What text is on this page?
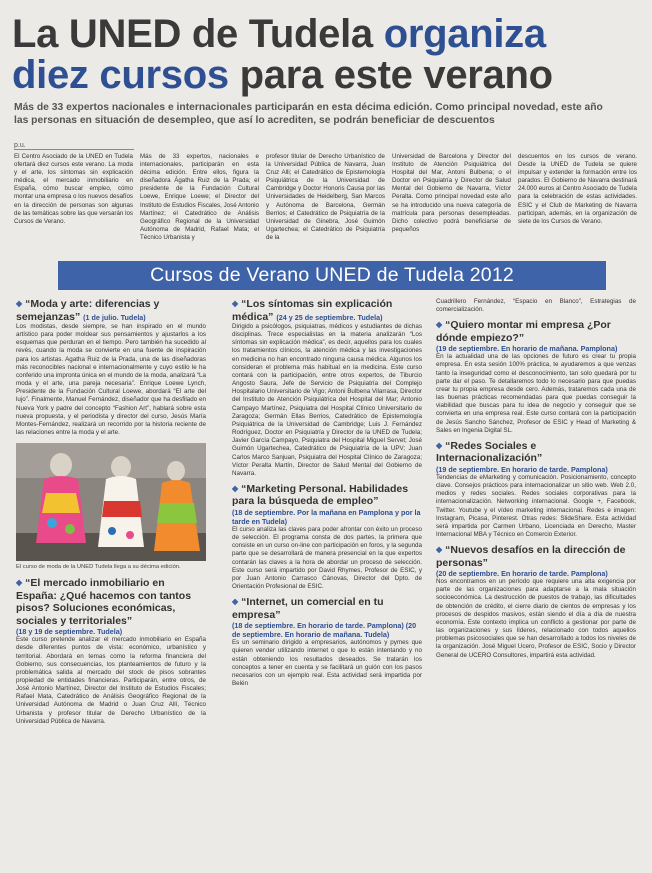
La UNED de Tudela organiza
diez cursos para este verano

Más de 33 expertos nacionales e internacionales participarán en esta décima edición. Como principal novedad, este año las personas en situación de desempleo, que así lo acrediten, se podrán beneficiar de descuentos

p.u.

El Centro Asociado de la UNED en Tudela ofertará diez cursos este verano. La moda y el arte, los síntomas sin explicación médica, el mercado inmobiliario en España, cómo buscar empleo, cómo montar una empresa o los nuevos desafíos en la dirección de personas son algunas de las temáticas sobre las que versarán los Cursos de Verano.

Más de 33 expertos, nacionales e internacionales, participarán en esta décima edición. Entre ellos, figura la diseñadora Ágatha Ruiz de la Prada; el presidente de la Fundación Cultural Loewe, Enrique Loewe; el Director del Instituto de Estudios Fiscales, José Antonio Martínez; el Catedrático de Análisis Geográfico Regional de la Universidad Autónoma de Madrid, Rafael Mata; el Técnico Urbanista y

profesor titular de Derecho Urbanístico de la Universidad Pública de Navarra, Juan Cruz Alli; el Catedrático de Epistemología Psiquiátrica de la Universidad de Cambridge y Doctor Honoris Causa por las Universidades de Heidelberg, San Marcos y Autónoma de Barcelona, Germán Berrios; el Catedrático de Psiquiatría de la Universidad de Ginebra, José Guimón Ugartechea; el Catedrático de Psiquiatría de la

Universidad de Barcelona y Director del Instituto de Atención Psiquiátrica del Hospital del Mar, Antoni Bulbena; o el Doctor en Psiquiatría y Director de Salud Mental del Gobierno de Navarra, Víctor Peralta. Como principal novedad este año se ha introducido una nueva categoría de matrícula para personas desempleadas. Dicho colectivo podrá beneficiarse de pequeños

descuentos en los cursos de verano. Desde la UNED de Tudela se quiere impulsar y extender la formación entre los parados. El Gobierno de Navarra destinará 24.000 euros al Centro Asociado de Tudela para la celebración de estas actividades. ESIC y el Club de Marketing de Navarra participan, además, en la organización de siete de los Cursos de Verano.

Cursos de Verano UNED de Tudela 2012
◆ “Moda y arte: diferencias y semejanzas” (1 de julio. Tudela)

Los modistas, desde siempre, se han inspirado en el mundo artístico para poder moldear sus pensamientos y ajustarlos a los esquemas que perduran en el tiempo. Pero también ha sucedido al revés, cuando la moda se convierte en una fuente de inspiración para los artistas. Agatha Ruiz de la Prada, una de las diseñadoras más reconocibles nacional e internacionalmente y cuyo estilo le ha conferido una impronta única en el mundo de la moda, analizará “La moda y el arte, una pareja necesaria”. Enrique Loewe Lynch, Presidente de la Fundación Cultural Loewe, abordará “El arte del lujo”. Finalmente, Manuel Fernández, diseñador que ha desfilado en Nueva York y padre del concepto “Fashion Art”, hablará sobre esta nueva propuesta, y el periodista y director del curso, Jesús María Montes-Fernández, realizará un recorrido por la historia reciente de las relaciones entre la moda y el arte.

El curso de moda de la UNED Tudela llega a su décima edición.

◆ “El mercado inmobiliario en España: ¿Qué hacemos con tantos pisos? Soluciones económicas, sociales y territoriales”
(18 y 19 de septiembre. Tudela)

Este curso pretende analizar el mercado inmobiliario en España desde diferentes puntos de vista: económico, urbanístico y territorial. Abordará en temas como la reforma financiera del Gobierno, sus consecuencias, los planteamientos de futuro y la problemática salida al mercado del stock de pisos sobrantes propiedad de entidades financieras. Participarán, entre otros, de José Antonio Martínez, Director del Instituto de Estudios Fiscales; Rafael Mata, Catedrático de Análisis Geográfico Regional de la Universidad Autónoma de Madrid o Juan Cruz Allí, Técnico Urbanista y profesor titular de Derecho Urbanístico de la Universidad Pública de Navarra.

◆ “Los síntomas sin explicación médica” (24 y 25 de septiembre. Tudela)

Dirigido a psicólogos, psiquiatras, médicos y estudiantes de dichas disciplinas. Trece especialistas en la materia analizarán “Los síntomas sin explicación médica”, es decir, aquellos para los cuales los tratamientos clínicos, la atención médica y las investigaciones en medicina no han encontrado ninguna causa médica. Algunos los consideran el problema más habitual en la medicina. Este curso contará con la participación, entre otros expertos, de Tiburcio Angosto Saura, Jefe de Servicio de Psiquiatría del Complejo Hospitalario Universitario de Vigo; Antoni Bulbena Vilarrasa, Director del Instituto de Atención Psiquiátrica del Hospital del Mar; Antonio Campayo Martínez, Psiquiatra del Hospital Clínico Universitario de Zaragoza; Germán Ellas Berrios, Catedrático de Epistemología Psiquiátrica de la Universidad de Cambridge; Luis J. Fernández Rodríguez, Doctor en Psiquiatría y Director de la UNED de Tudela; Javier García Campayo, Psiquiatra del Hospital Miguel Servet; José Guimón Ugartechea, Catedrático de Psiquiatría de la UPV; Juan Carlos Marco Sanjuan, Psiquiatra del Hospital Clínico de Zaragoza; Víctor Peralta Martín, Director de Salud Mental del Gobierno de Navarra.

◆ “Marketing Personal. Habilidades para la búsqueda de empleo”
(18 de septiembre. Por la mañana en Pamplona y por la tarde en Tudela)

El curso analiza las claves para poder afrontar con éxito un proceso de selección. El programa consta de dos partes, la primera que consiste en un curso on-line con participación en foros, y la segunda parte que se desarrollará de manera presencial en la que expertos contarán las claves a la hora de abordar un proceso de selección. Este curso será impartido por David Rhymes, Profesor de ESIC, y por Juan Antonio Carrasco Cánovas, Director del Dpto. de Orientación Profesional de ESIC.

◆ “Internet, un comercial en tu empresa”
(18 de septiembre. En horario de tarde. Pamplona) (20 de septiembre. En horario de mañana. Tudela)

Es un seminario dirigido a empresarios, autónomos y pymes que quieren vender utilizando internet o que lo están intentando y no están obteniendo los resultados deseados. Se tratarán los conceptos a tener en cuenta y se facilitará un guión con los pasos necesarios con un ejemplo real. Esta actividad será impartida por Belén

Cuadrillero Fernández, “Espacio en Blanco”, Estrategias de comercialización.

◆ “Quiero montar mi empresa ¿Por dónde empiezo?”
(19 de septiembre. En horario de mañana. Pamplona)

En la actualidad una de las opciones de futuro es crear tu propia empresa. En esta sesión 100% práctica, te ayudaremos a que venzas tanto la inseguridad como el desconocimiento, tan solo quedará por tu parte dar el paso. Te detallaremos todo lo necesario para que puedas crear tu propia empresa desde cero. Además, trataremos cada una de las buenas prácticas recomendadas para que puedas conseguir la viabilidad que buscas para tu idea de negocio y conseguir que se convierta en una empresa real. Este curso contará con la participación de Jesús Sancho Sánchez, Profesor de ESIC y Head of Marketing & Sales en Ingenia Digital SL.

◆ “Redes Sociales e Internacionalización”
(19 de septiembre. En horario de tarde. Pamplona)

Tendencias de eMarketing y comunicación. Posicionamiento, concepto clave. Consejos prácticos para internacionalizar un sitio web. Web 2.0, medios y redes sociales. Redes sociales corporativas para la internacionalización. Networking internacional. Google +, Facebook, Twitter. Youtube y el vídeo marketing internacional. Redes e imagen: Instagram, Picasa, Pinterest. Otras redes: SlideShare. Esta actividad será impartida por Carmen Urbano, Licenciada en Derecho, Master Internacional MBA y Técnico en Comercio Exterior.

◆ “Nuevos desafíos en la dirección de personas”
(20 de septiembre. En horario de tarde. Pamplona)

Nos encontramos en un período que requiere una alta exigencia por parte de las organizaciones para adaptarse a la mala situación socioeconómica. La destrucción de puestos de trabajo, las dificultades de obtención de crédito, el cierre diario de cientos de empresas y los procesos de despidos masivos, están siendo el día a día de nuestra economía. Este contexto implica un conflicto a gestionar por parte de las organizaciones y sus líderes, relacionado con todos aquellos problemas psicosociales que se han desarrollado a todos los niveles de la organización. José Miguel Ucero, Profesor de ESIC, Socio y Director General de UCERO Consultores, impartirá esta actividad.
